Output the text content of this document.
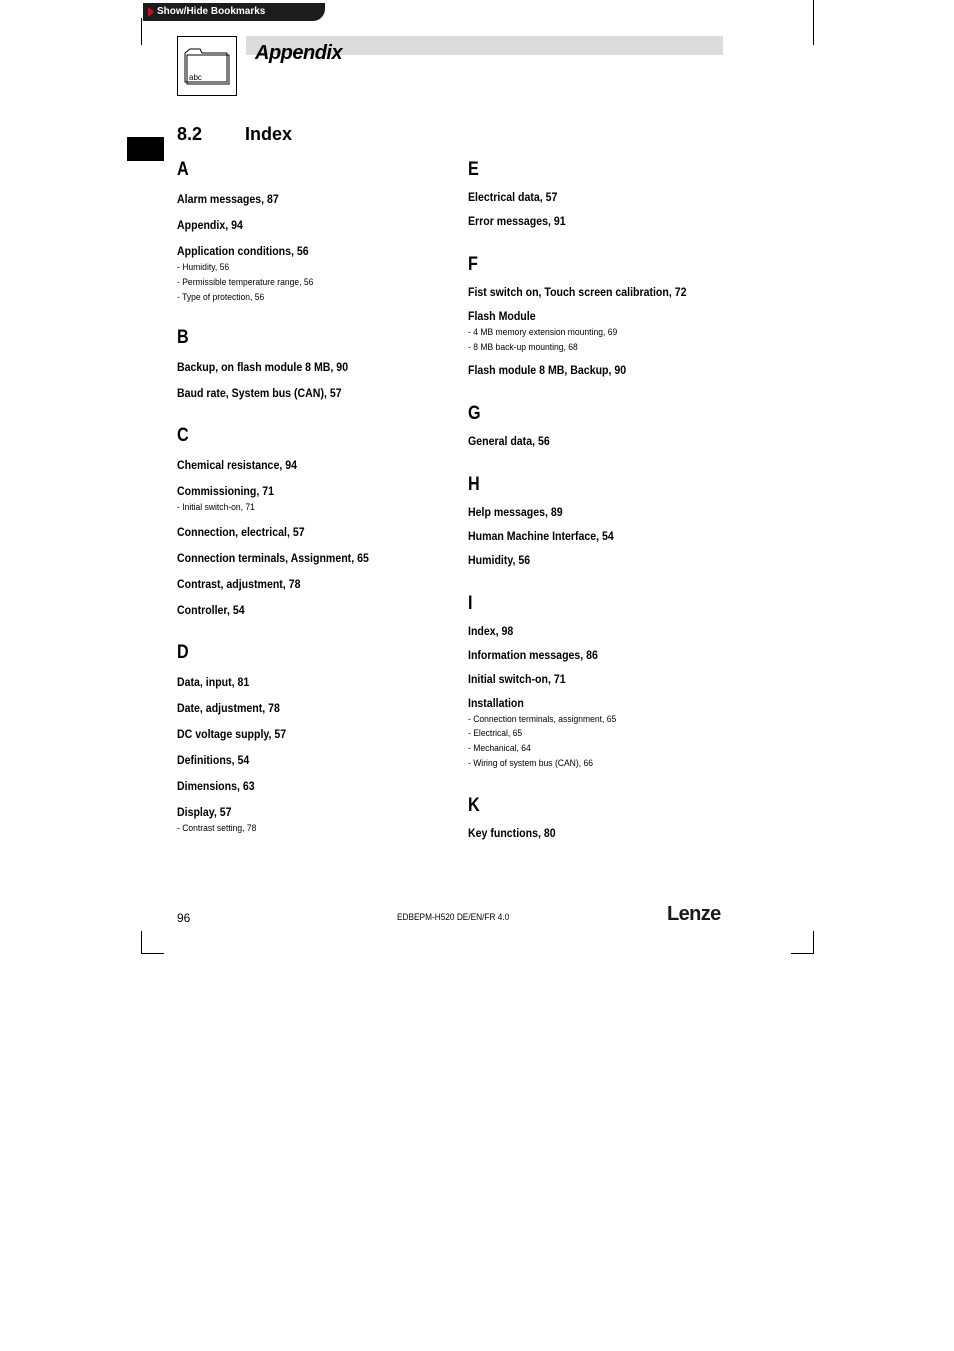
Show/Hide Bookmarks
abc
Appendix
8.2 Index
A
Alarm messages, 87
Appendix, 94
Application conditions, 56
- Humidity, 56
- Permissible temperature range, 56
- Type of protection, 56
B
Backup, on flash module 8 MB, 90
Baud rate, System bus (CAN), 57
C
Chemical resistance, 94
Commissioning, 71
- Initial switch-on, 71
Connection, electrical, 57
Connection terminals, Assignment, 65
Contrast, adjustment, 78
Controller, 54
D
Data, input, 81
Date, adjustment, 78
DC voltage supply, 57
Definitions, 54
Dimensions, 63
Display, 57
- Contrast setting, 78
E
Electrical data, 57
Error messages, 91
F
Fist switch on, Touch screen calibration, 72
Flash Module
- 4 MB memory extension mounting, 69
- 8 MB back-up mounting, 68
Flash module 8 MB, Backup, 90
G
General data, 56
H
Help messages, 89
Human Machine Interface, 54
Humidity, 56
I
Index, 98
Information messages, 86
Initial switch-on, 71
Installation
- Connection terminals, assignment, 65
- Electrical, 65
- Mechanical, 64
- Wiring of system bus (CAN), 66
K
Key functions, 80
96	EDBEPM-H520 DE/EN/FR 4.0	Lenze
